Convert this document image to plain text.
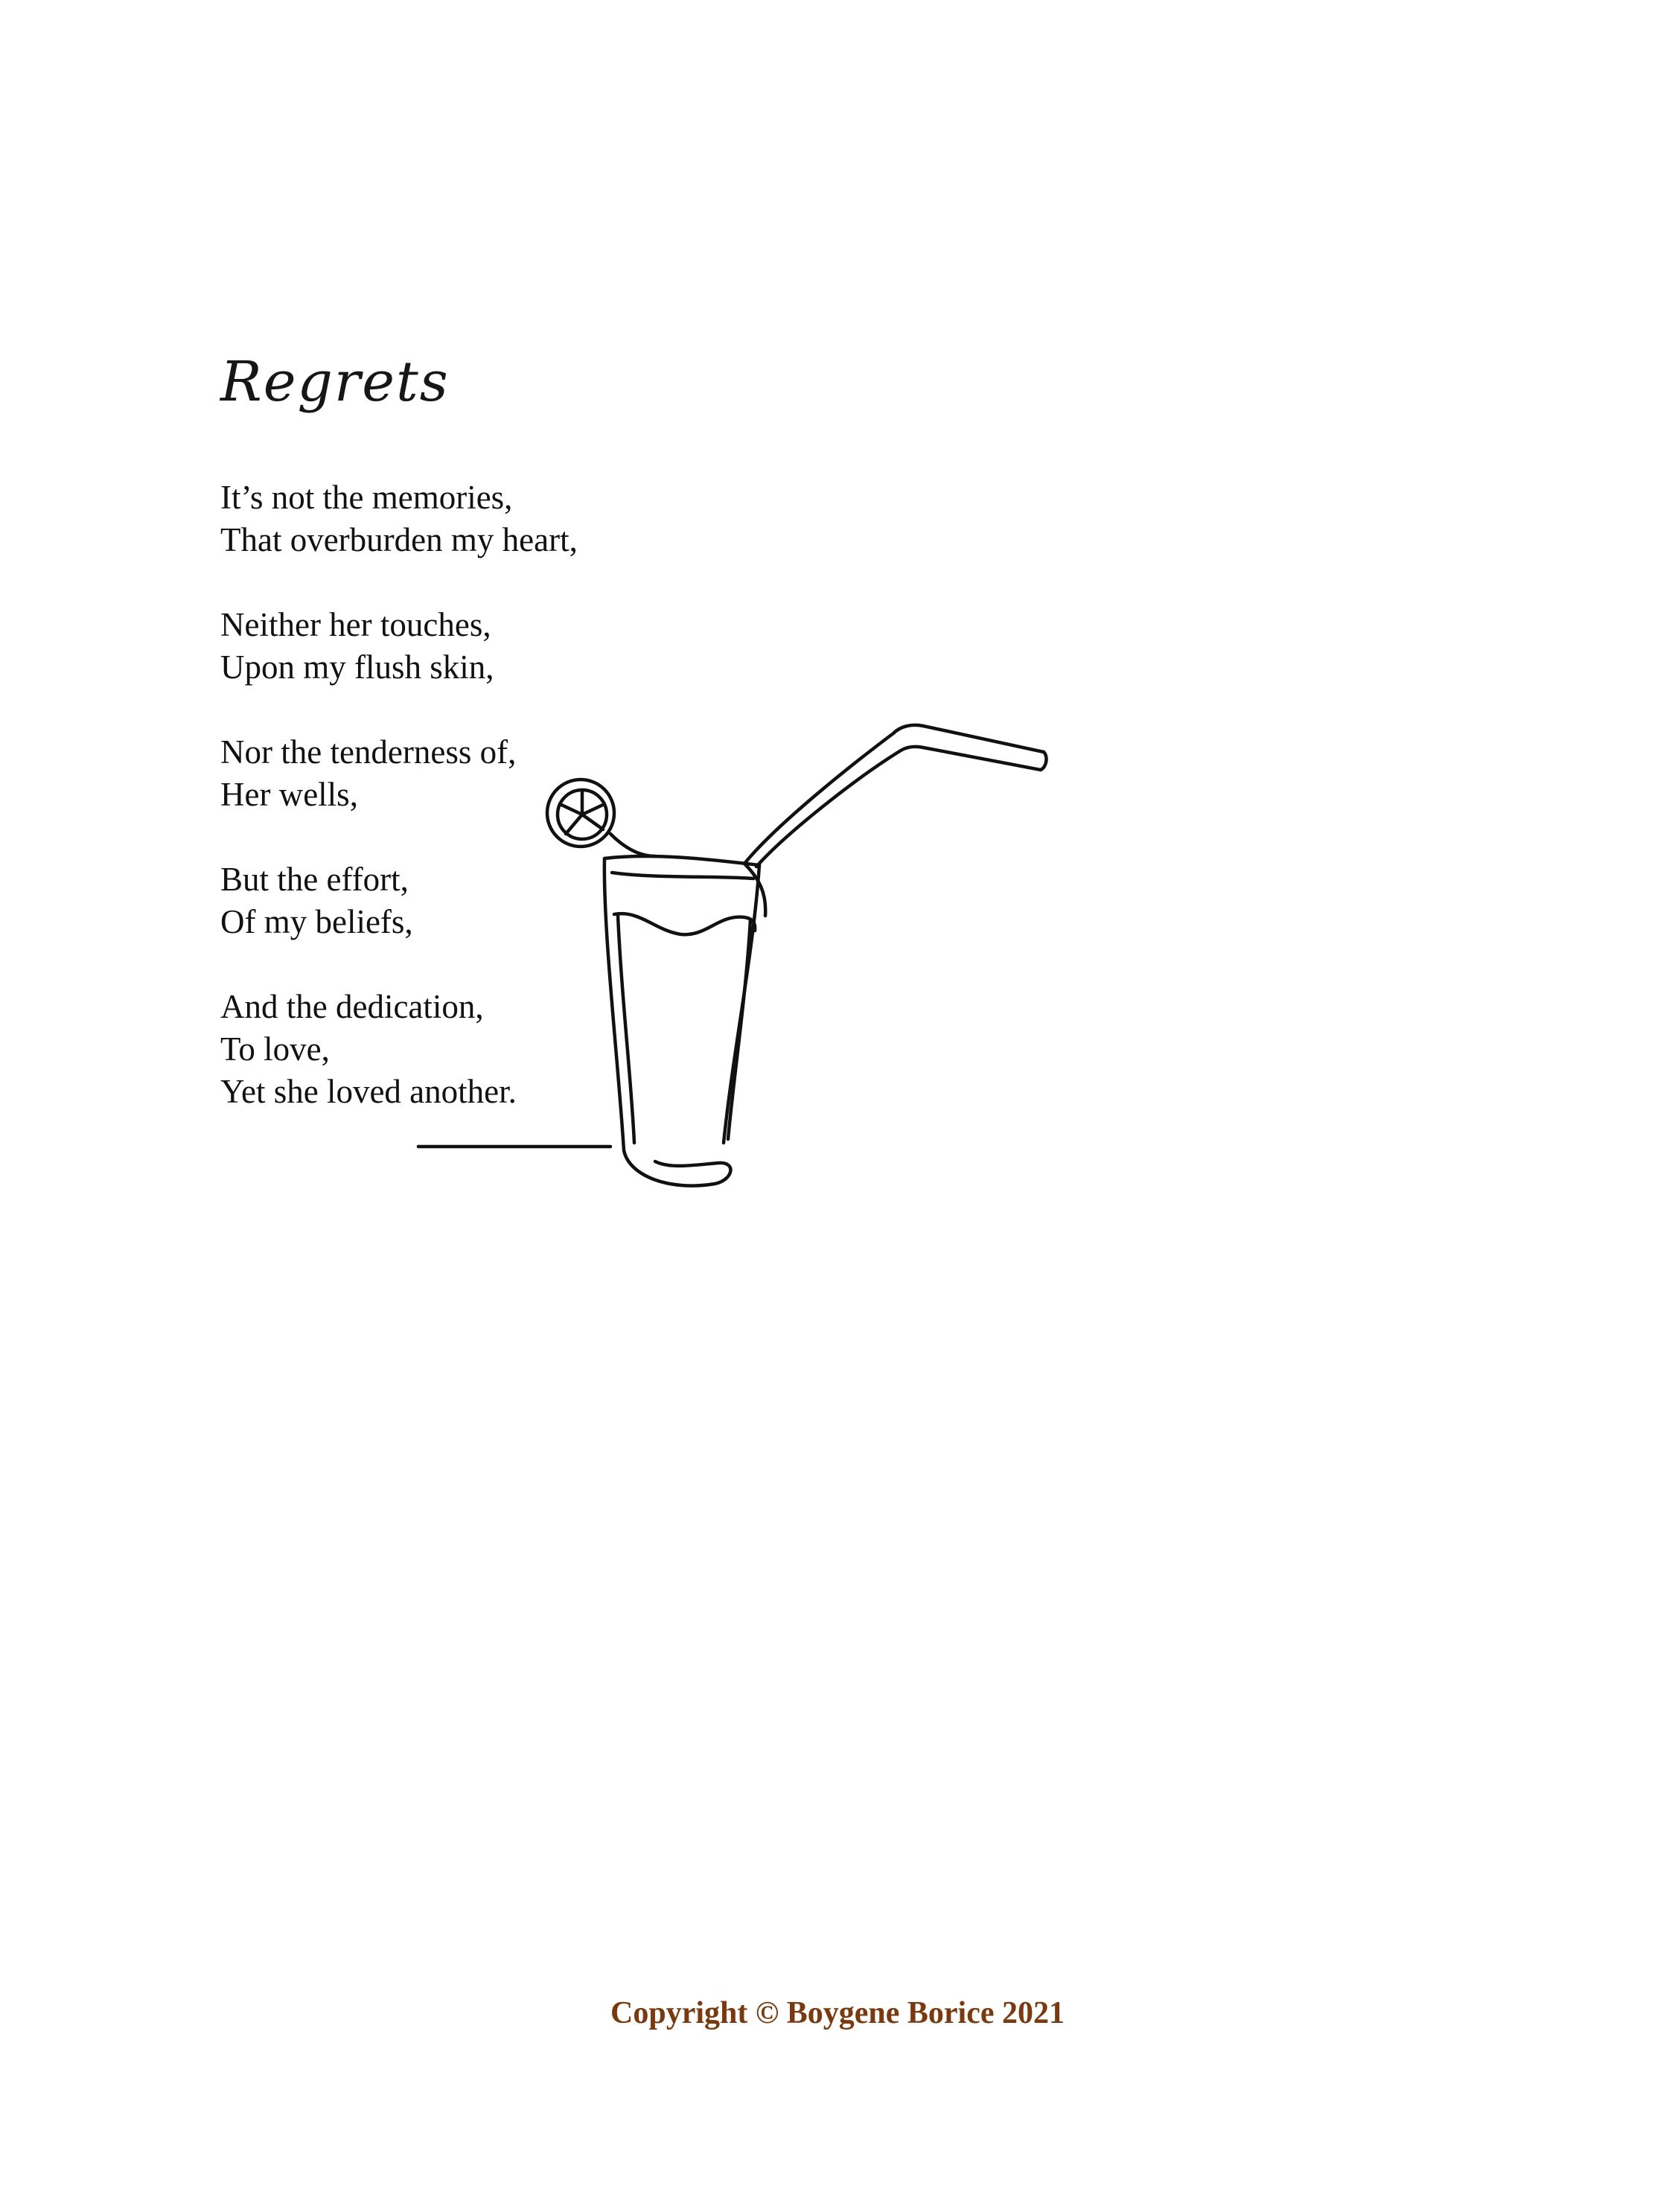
Regrets
It’s not the memories,
That overburden my heart,
Neither her touches,
Upon my flush skin,
Nor the tenderness of,
Her wells,
But the effort,
Of my beliefs,
And the dedication,
To love,
Yet she loved another.
Copyright © Boygene Borice 2021
